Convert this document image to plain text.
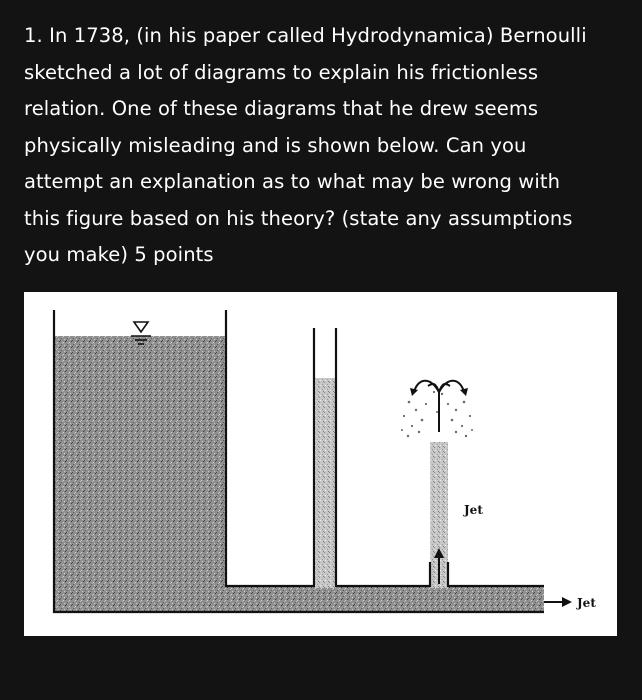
1. In 1738, (in his paper called Hydrodynamica) Bernoulli

sketched a lot of diagrams to explain his frictionless

relation. One of these diagrams that he drew seems

physically misleading and is shown below. Can you

attempt an explanation as to what may be wrong with

this figure based on his theory? (state any assumptions

you make) 5 points

Jet
Jet
